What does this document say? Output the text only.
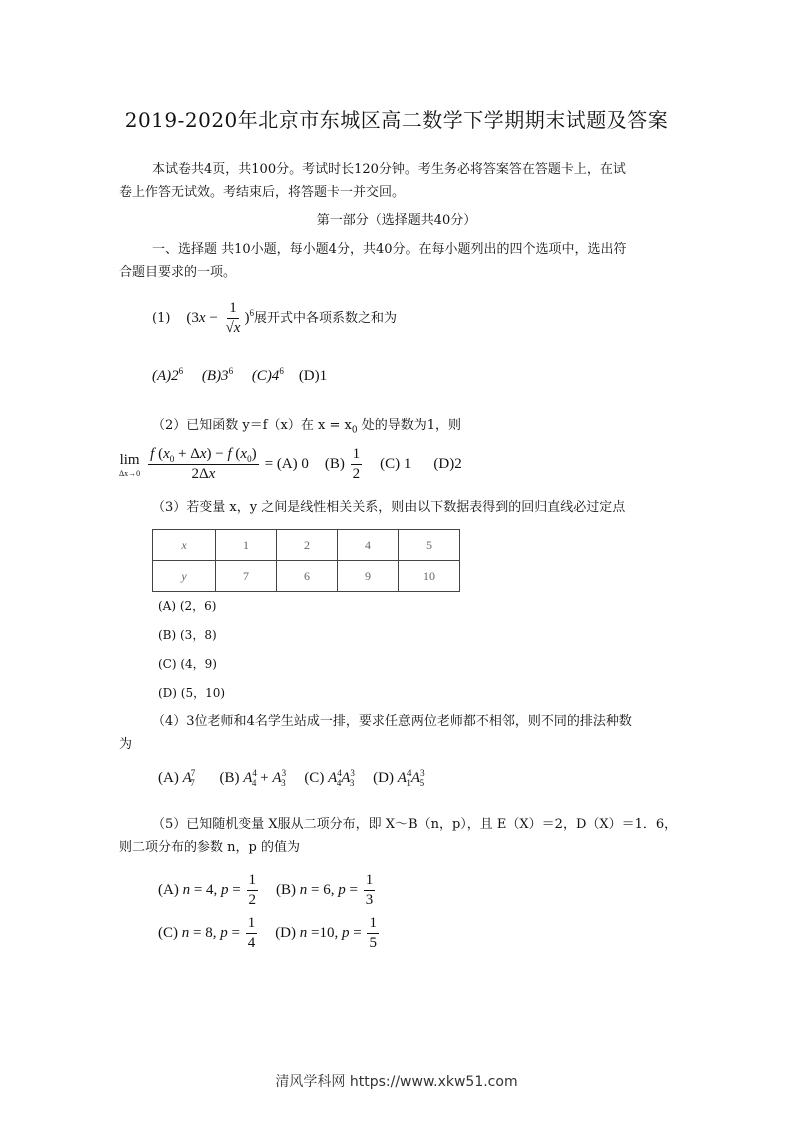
2019-2020年北京市东城区高二数学下学期期末试题及答案
本试卷共4页，共100分。考试时长120分钟。考生务必将答案答在答题卡上，在试
卷上作答无试效。考结束后，将答题卡一并交回。
第一部分（选择题共40分）
一、选择题 共10小题，每小题4分，共40分。在每小题列出的四个选项中，选出符
合题目要求的一项。
(1) $(3x - \frac{1}{√x} )^6$ 展开式中各项系数之和为
$(A)2^6$ $(B)3^6$ $(C)4^6$ (D)1
（2）已知函数 y＝f（x）在 $x = x_0$ 处的导数为1，则
lim
$\Delta x\to 0 \frac{f (x_0 + \Delta x) - f (x_0)}{2\Delta x} = (A)$ 0 $(B) \frac{1}{2} (C)$ 1 (D)2
（3）若变量 x，y 之间是线性相关关系，则由以下数据表得到的回归直线必过定点
x	1	2	4	5
y	7	6	9	10
(A) (2，6)
(B) (3，8)
(C) (4，9)
(D) (5，10)
（4）3位老师和4名学生站成一排，要求任意两位老师都不相邻，则不同的排法种数
为
(A) $A^7_7$ (B) $A^4_4 + A^3_3$ (C) $A^4_4A^3_3$ (D) $A^4_1A^3_5$
（5）已知随机变量 X服从二项分布，即 X～B（n，p），且 E（X）＝2，D（X）＝1．6，
则二项分布的参数 n，p 的值为
(A) n = 4, $p = \frac{1}{2} (B) n = 6$, $p = \frac{1}{3}$
(C) n = 8, $p = \frac{1}{4} (D)$ n =10, $p = \frac{1}{5}$
清风学科网 https://www.xkw51.com
